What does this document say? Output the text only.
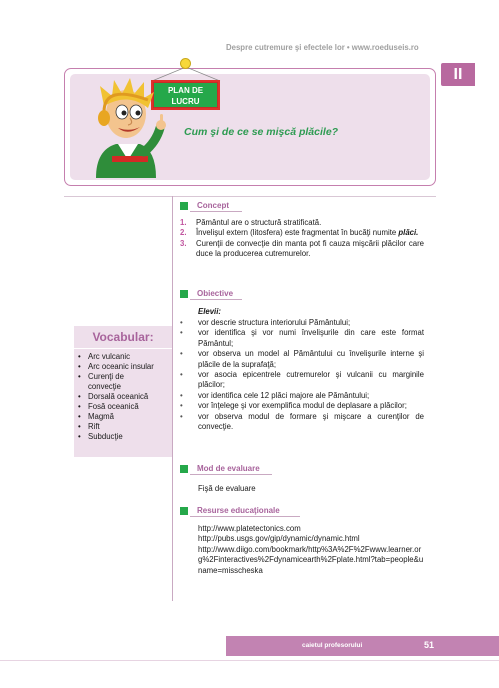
Despre cutremure şi efectele lor • www.roeduseis.ro
II
PLAN DE
LUCRU
Cum şi de ce se mişcă plăcile?
Vocabular:
• Arc vulcanic
• Arc oceanic insular
• Curenţi de convecţie
• Dorsală oceanică
• Fosă oceanică
• Magmă
• Rift
• Subducţie
Concept
1.	Pământul are o structură stratificată.
2.	Învelişul extern (litosfera) este fragmentat în bucăţi numite plăci.
3.	Curenţii de convecţie din manta pot fi cauza mişcării plăcilor care duce la producerea cutremurelor.
Obiective
Elevii:
•	vor descrie structura interiorului Pământului;
•	vor identifica şi vor numi învelişurile din care este format Pământul;
•	vor observa un model al Pământului cu învelişurile interne şi plăcile de la suprafaţă;
•	vor asocia epicentrele cutremurelor şi vulcanii cu marginile plăcilor;
•	vor identifica cele 12 plăci majore ale Pământului;
•	vor înţelege şi vor exemplifica modul de deplasare a plăcilor;
•	vor observa modul de formare şi mişcare a curenţilor de convecţie.
Mod de evaluare
Fişă de evaluare
Resurse educaţionale
http://www.platetectonics.com
http://pubs.usgs.gov/gip/dynamic/dynamic.html
http://www.diigo.com/bookmark/http%3A%2F%2Fwww.learner.org%2Finteractives%2Fdynamicearth%2Fplate.html?tab=people&uname=misscheska
caietul profesorului	51
